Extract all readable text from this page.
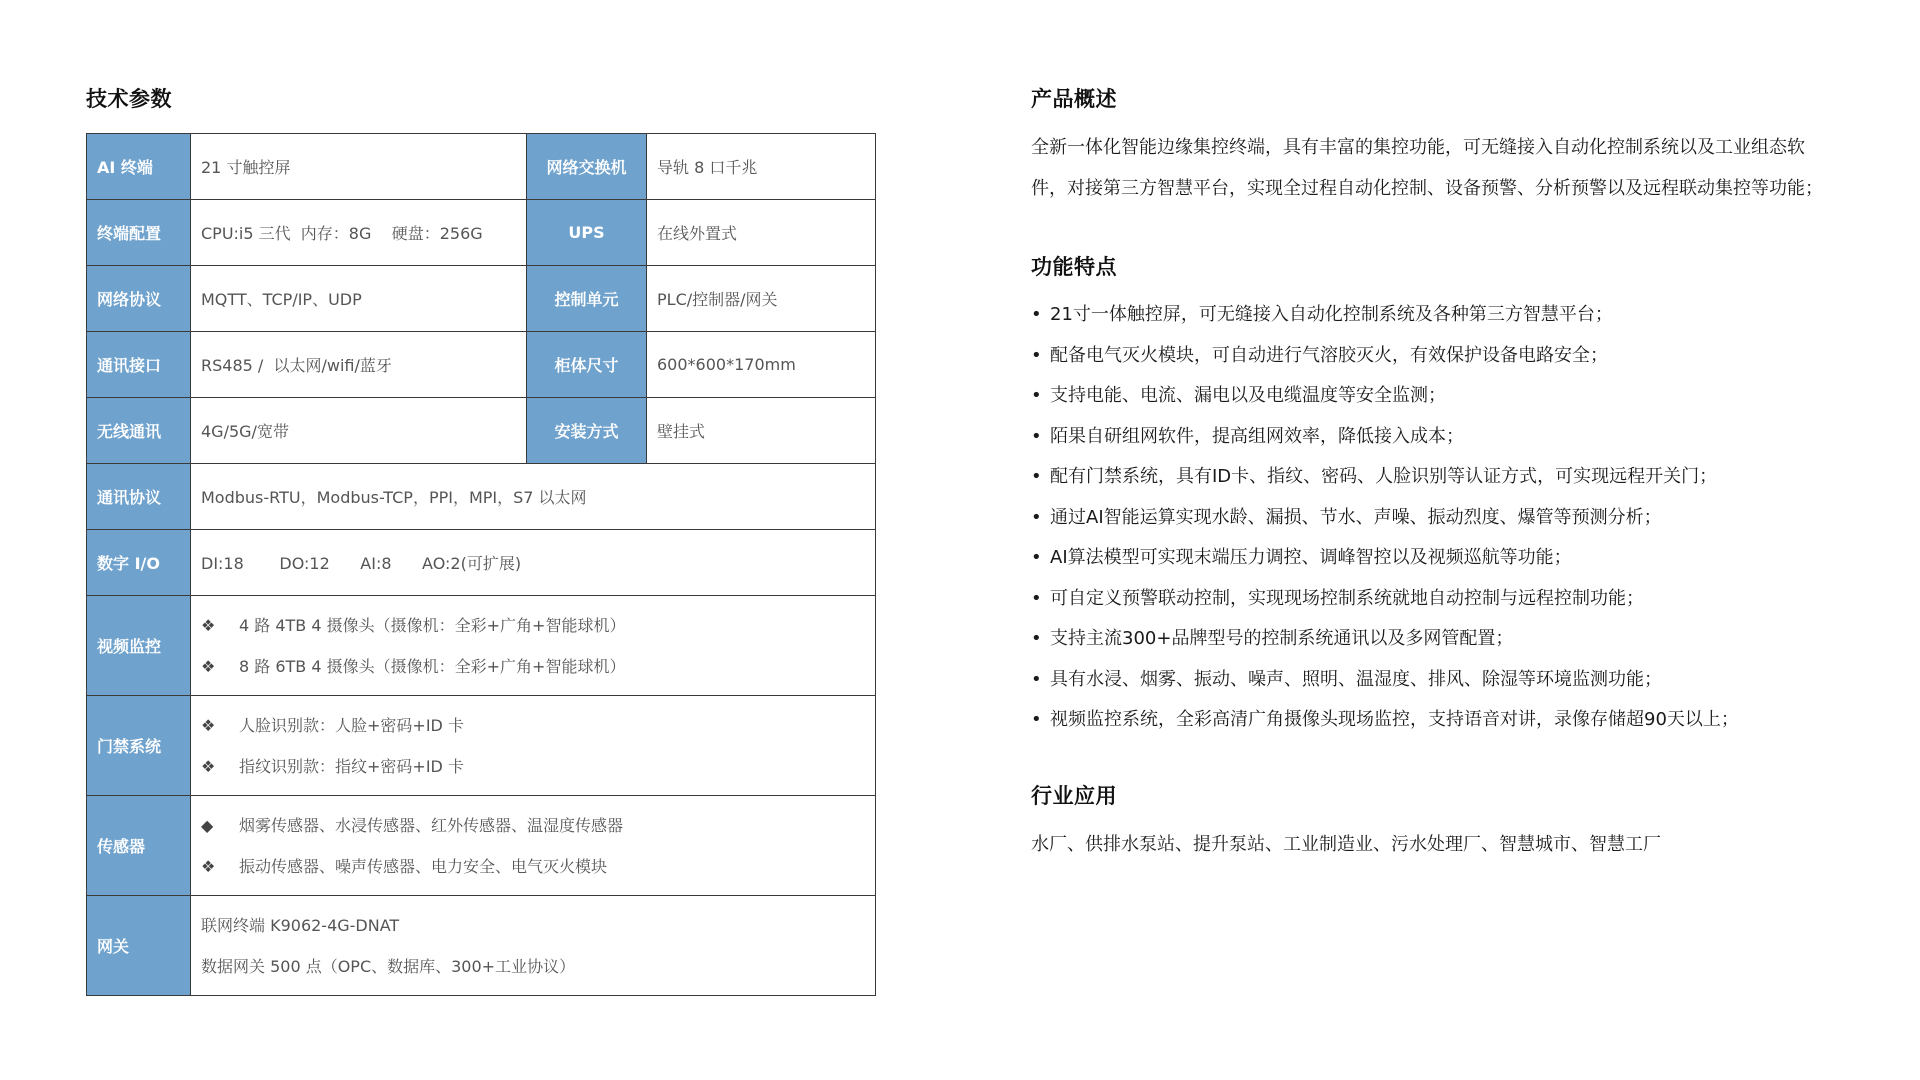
技术参数
AI 终端	21 寸触控屏	网络交换机	导轨 8 口千兆
终端配置	CPU:i5 三代  内存：8G    硬盘：256G	UPS	在线外置式
网络协议	MQTT、TCP/IP、UDP	控制单元	PLC/控制器/网关
通讯接口	RS485 /  以太网/wifi/蓝牙	柜体尺寸	600*600*170mm
无线通讯	4G/5G/宽带	安装方式	壁挂式
通讯协议	Modbus-RTU，Modbus-TCP，PPI，MPI，S7 以太网		
数字 I/O	DI:18       DO:12      AI:8      AO:2(可扩展)		
视频监控	❖ 4 路 4TB 4 摄像头（摄像机：全彩+广角+智能球机）
❖ 8 路 6TB 4 摄像头（摄像机：全彩+广角+智能球机）		

门禁系统	❖ 人脸识别款：人脸+密码+ID 卡
❖ 指纹识别款：指纹+密码+ID 卡		

传感器	◆ 烟雾传感器、水浸传感器、红外传感器、温湿度传感器
❖ 振动传感器、噪声传感器、电力安全、电气灭火模块		

网关	联网终端 K9062-4G-DNAT
数据网关 500 点（OPC、数据库、300+工业协议）		
产品概述

全新一体化智能边缘集控终端，具有丰富的集控功能，可无缝接入自动化控制系统以及工业组态软

件，对接第三方智慧平台，实现全过程自动化控制、设备预警、分析预警以及远程联动集控等功能；

功能特点
• 21寸一体触控屏，可无缝接入自动化控制系统及各种第三方智慧平台；
• 配备电气灭火模块，可自动进行气溶胶灭火，有效保护设备电路安全；
• 支持电能、电流、漏电以及电缆温度等安全监测；
• 陌果自研组网软件，提高组网效率，降低接入成本；
• 配有门禁系统，具有ID卡、指纹、密码、人脸识别等认证方式，可实现远程开关门；
• 通过AI智能运算实现水龄、漏损、节水、声噪、振动烈度、爆管等预测分析；
• AI算法模型可实现末端压力调控、调峰智控以及视频巡航等功能；
• 可自定义预警联动控制，实现现场控制系统就地自动控制与远程控制功能；
• 支持主流300+品牌型号的控制系统通讯以及多网管配置；
• 具有水浸、烟雾、振动、噪声、照明、温湿度、排风、除湿等环境监测功能；
• 视频监控系统，全彩高清广角摄像头现场监控，支持语音对讲，录像存储超90天以上；
行业应用

水厂、供排水泵站、提升泵站、工业制造业、污水处理厂、智慧城市、智慧工厂
